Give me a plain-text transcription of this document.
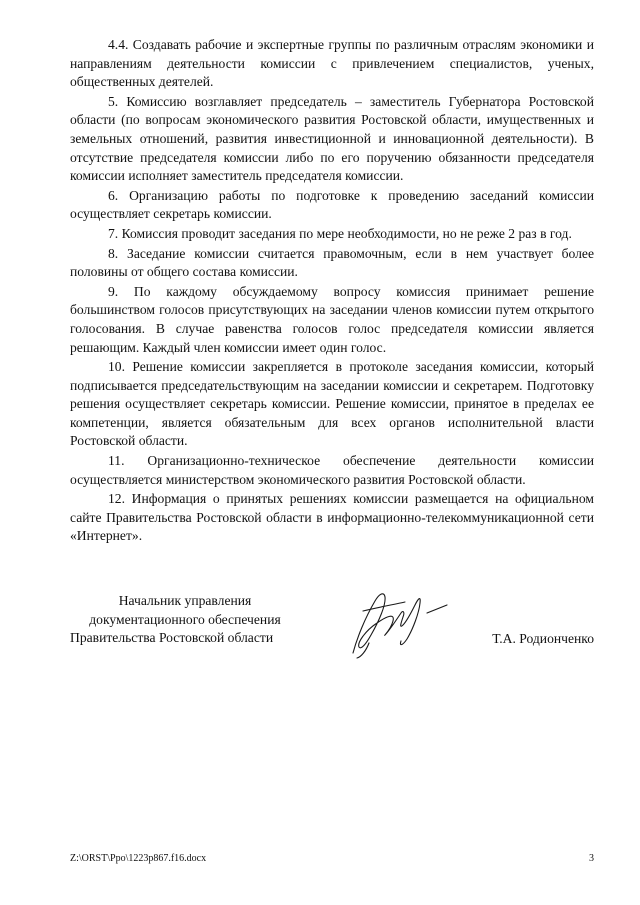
4.4. Создавать рабочие и экспертные группы по различным отраслям экономики и направлениям деятельности комиссии с привлечением специалистов, ученых, общественных деятелей.

5. Комиссию возглавляет председатель – заместитель Губернатора Ростовской области (по вопросам экономического развития Ростовской области, имущественных и земельных отношений, развития инвестиционной и инновационной деятельности). В отсутствие председателя комиссии либо по его поручению обязанности председателя комиссии исполняет заместитель председателя комиссии.

6. Организацию работы по подготовке к проведению заседаний комиссии осуществляет секретарь комиссии.

7. Комиссия проводит заседания по мере необходимости, но не реже 2 раз в год.

8. Заседание комиссии считается правомочным, если в нем участвует более половины от общего состава комиссии.

9. По каждому обсуждаемому вопросу комиссия принимает решение большинством голосов присутствующих на заседании членов комиссии путем открытого голосования. В случае равенства голосов голос председателя комиссии является решающим. Каждый член комиссии имеет один голос.

10. Решение комиссии закрепляется в протоколе заседания комиссии, который подписывается председательствующим на заседании комиссии и секретарем. Подготовку решения осуществляет секретарь комиссии. Решение комиссии, принятое в пределах ее компетенции, является обязательным для всех органов исполнительной власти Ростовской области.

11. Организационно-техническое обеспечение деятельности комиссии осуществляется министерством экономического развития Ростовской области.

12. Информация о принятых решениях комиссии размещается на официальном сайте Правительства Ростовской области в информационно-телекоммуникационной сети «Интернет».

Начальник управления
документационного обеспечения
Правительства Ростовской области	Т.А. Родионченко
Z:\ORST\Ppo\1223p867.f16.docx	3
